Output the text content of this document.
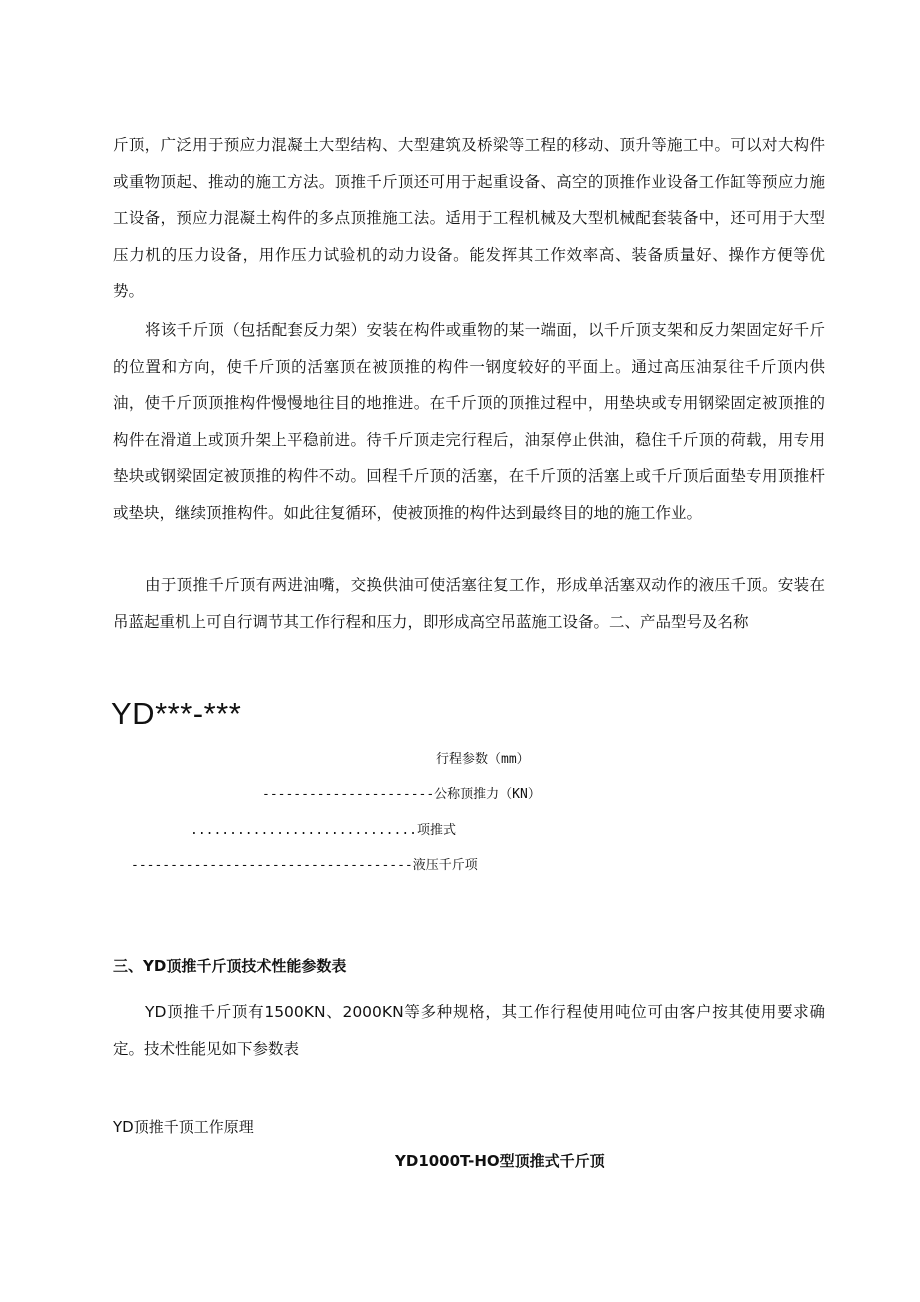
斤顶，广泛用于预应力混凝土大型结构、大型建筑及桥梁等工程的移动、顶升等施工中。可以对大构件或重物顶起、推动的施工方法。顶推千斤顶还可用于起重设备、高空的顶推作业设备工作缸等预应力施工设备，预应力混凝土构件的多点顶推施工法。适用于工程机械及大型机械配套装备中，还可用于大型压力机的压力设备，用作压力试验机的动力设备。能发挥其工作效率高、装备质量好、操作方便等优势。

将该千斤顶（包括配套反力架）安装在构件或重物的某一端面，以千斤顶支架和反力架固定好千斤的位置和方向，使千斤顶的活塞顶在被顶推的构件一钢度较好的平面上。通过高压油泵往千斤顶内供油，使千斤顶顶推构件慢慢地往目的地推进。在千斤顶的顶推过程中，用垫块或专用钢梁固定被顶推的构件在滑道上或顶升架上平稳前进。待千斤顶走完行程后，油泵停止供油，稳住千斤顶的荷载，用专用垫块或钢梁固定被顶推的构件不动。回程千斤顶的活塞，在千斤顶的活塞上或千斤顶后面垫专用顶推杆或垫块，继续顶推构件。如此往复循环，使被顶推的构件达到最终目的地的施工作业。

由于顶推千斤顶有两进油嘴，交换供油可使活塞往复工作，形成单活塞双动作的液压千顶。安装在吊蓝起重机上可自行调节其工作行程和压力，即形成高空吊蓝施工设备。二、产品型号及名称

YD***-***
行程参数（mm）
----------------------公称顶推力（KN）
.............................项推式
------------------------------------液压千斤项
三、YD顶推千斤顶技术性能参数表

YD顶推千斤顶有1500KN、2000KN等多种规格，其工作行程使用吨位可由客户按其使用要求确定。技术性能见如下参数表

YD顶推千顶工作原理
YD1000T-HO型顶推式千斤顶
